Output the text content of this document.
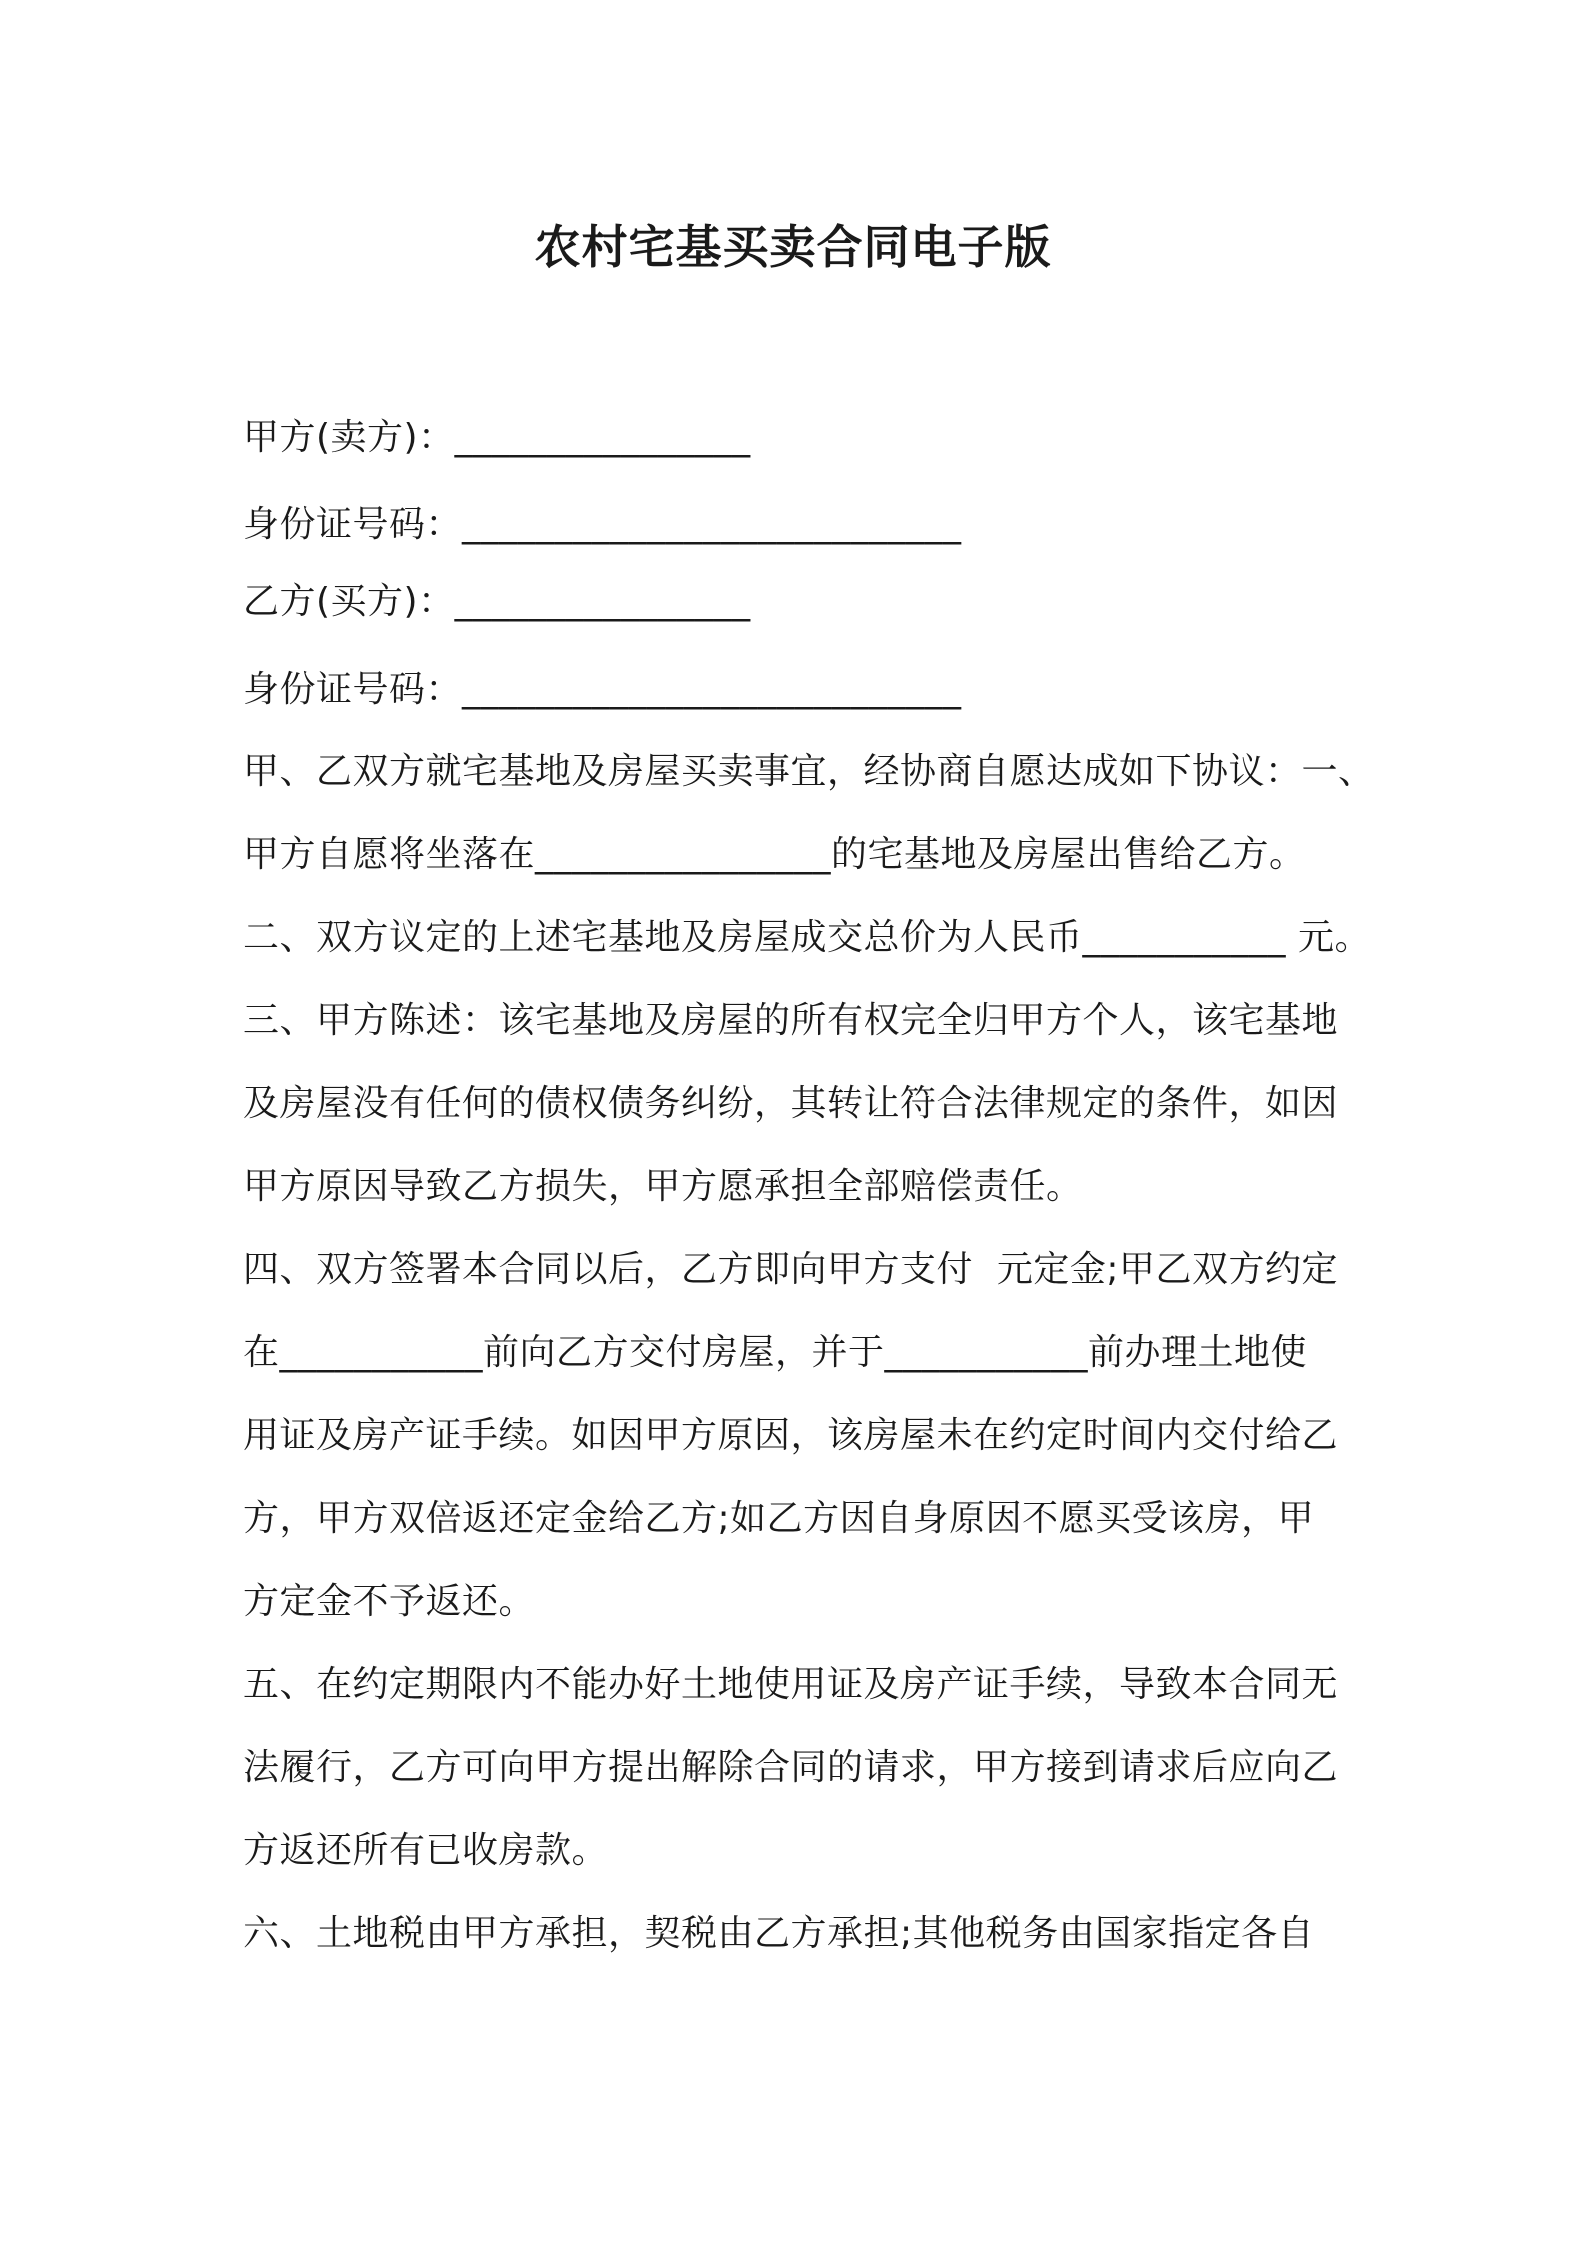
农村宅基买卖合同电子版
甲方(卖方)：________________
身份证号码：___________________________
乙方(买方)：________________
身份证号码：___________________________
甲、乙双方就宅基地及房屋买卖事宜，经协商自愿达成如下协议：一、
甲方自愿将坐落在________________的宅基地及房屋出售给乙方。
二、双方议定的上述宅基地及房屋成交总价为人民币___________ 元。
三、甲方陈述：该宅基地及房屋的所有权完全归甲方个人，该宅基地
及房屋没有任何的债权债务纠纷，其转让符合法律规定的条件，如因
甲方原因导致乙方损失，甲方愿承担全部赔偿责任。
四、双方签署本合同以后，乙方即向甲方支付  元定金;甲乙双方约定
在___________前向乙方交付房屋，并于___________前办理土地使
用证及房产证手续。如因甲方原因，该房屋未在约定时间内交付给乙
方，甲方双倍返还定金给乙方;如乙方因自身原因不愿买受该房，甲
方定金不予返还。
五、在约定期限内不能办好土地使用证及房产证手续，导致本合同无
法履行，乙方可向甲方提出解除合同的请求，甲方接到请求后应向乙
方返还所有已收房款。
六、土地税由甲方承担，契税由乙方承担;其他税务由国家指定各自
